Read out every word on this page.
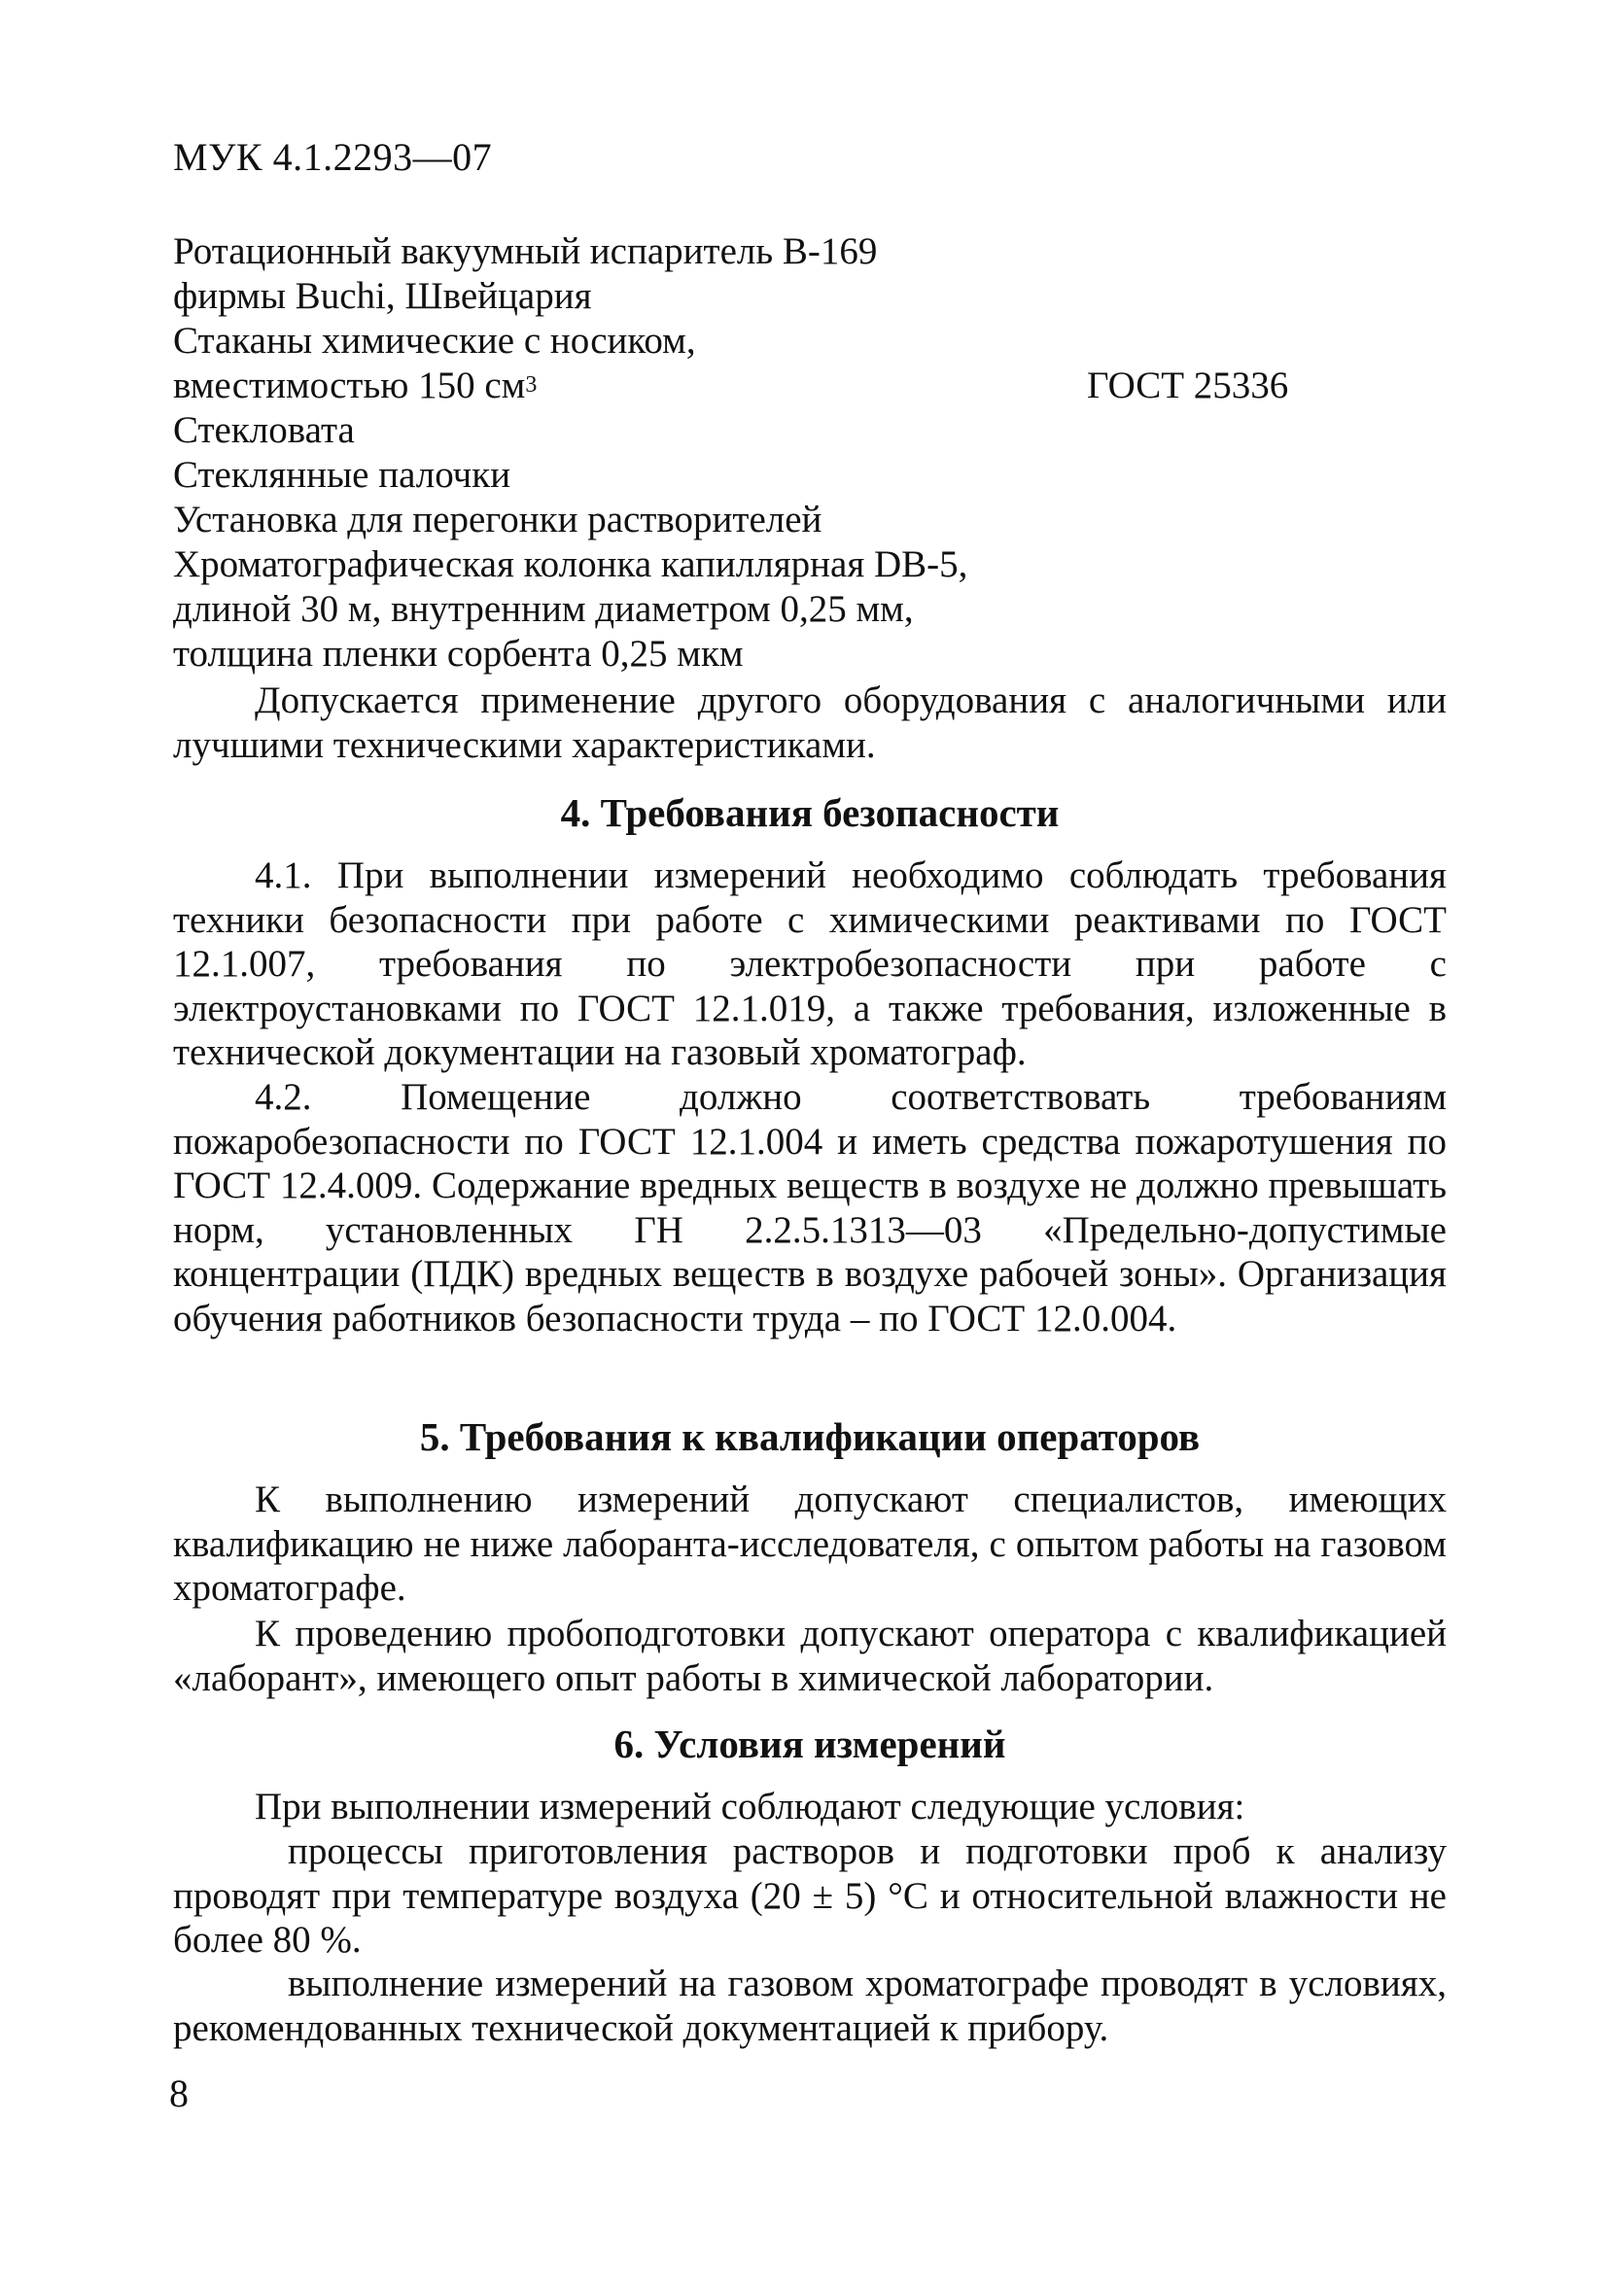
МУК 4.1.2293—07
Ротационный вакуумный испаритель В-169
фирмы Buchi, Швейцария
Стаканы химические с носиком,
вместимостью 150 $см^3$	ГОСТ 25336
Стекловата
Стеклянные палочки
Установка для перегонки растворителей
Хроматографическая колонка капиллярная DB-5,
длиной 30 м, внутренним диаметром 0,25 мм,
толщина пленки сорбента 0,25 мкм

Допускается применение другого оборудования с аналогичными или лучшими техническими характеристиками.

4. Требования безопасности

4.1. При выполнении измерений необходимо соблюдать требования техники безопасности при работе с химическими реактивами по ГОСТ 12.1.007, требования по электробезопасности при работе с электроустановками по ГОСТ 12.1.019, а также требования, изложенные в технической документации на газовый хроматограф.

4.2. Помещение должно соответствовать требованиям пожаробезопасности по ГОСТ 12.1.004 и иметь средства пожаротушения по ГОСТ 12.4.009. Содержание вредных веществ в воздухе не должно превышать норм, установленных ГН 2.2.5.1313—03 «Предельно-допустимые концентрации (ПДК) вредных веществ в воздухе рабочей зоны». Организация обучения работников безопасности труда – по ГОСТ 12.0.004.

5. Требования к квалификации операторов

К выполнению измерений допускают специалистов, имеющих квалификацию не ниже лаборанта-исследователя, с опытом работы на газовом хроматографе.

К проведению пробоподготовки допускают оператора с квалификацией «лаборант», имеющего опыт работы в химической лаборатории.

6. Условия измерений

При выполнении измерений соблюдают следующие условия:

процессы приготовления растворов и подготовки проб к анализу проводят при температуре воздуха (20 ± 5) °С и относительной влажности не более 80 %.

выполнение измерений на газовом хроматографе проводят в условиях, рекомендованных технической документацией к прибору.

8
